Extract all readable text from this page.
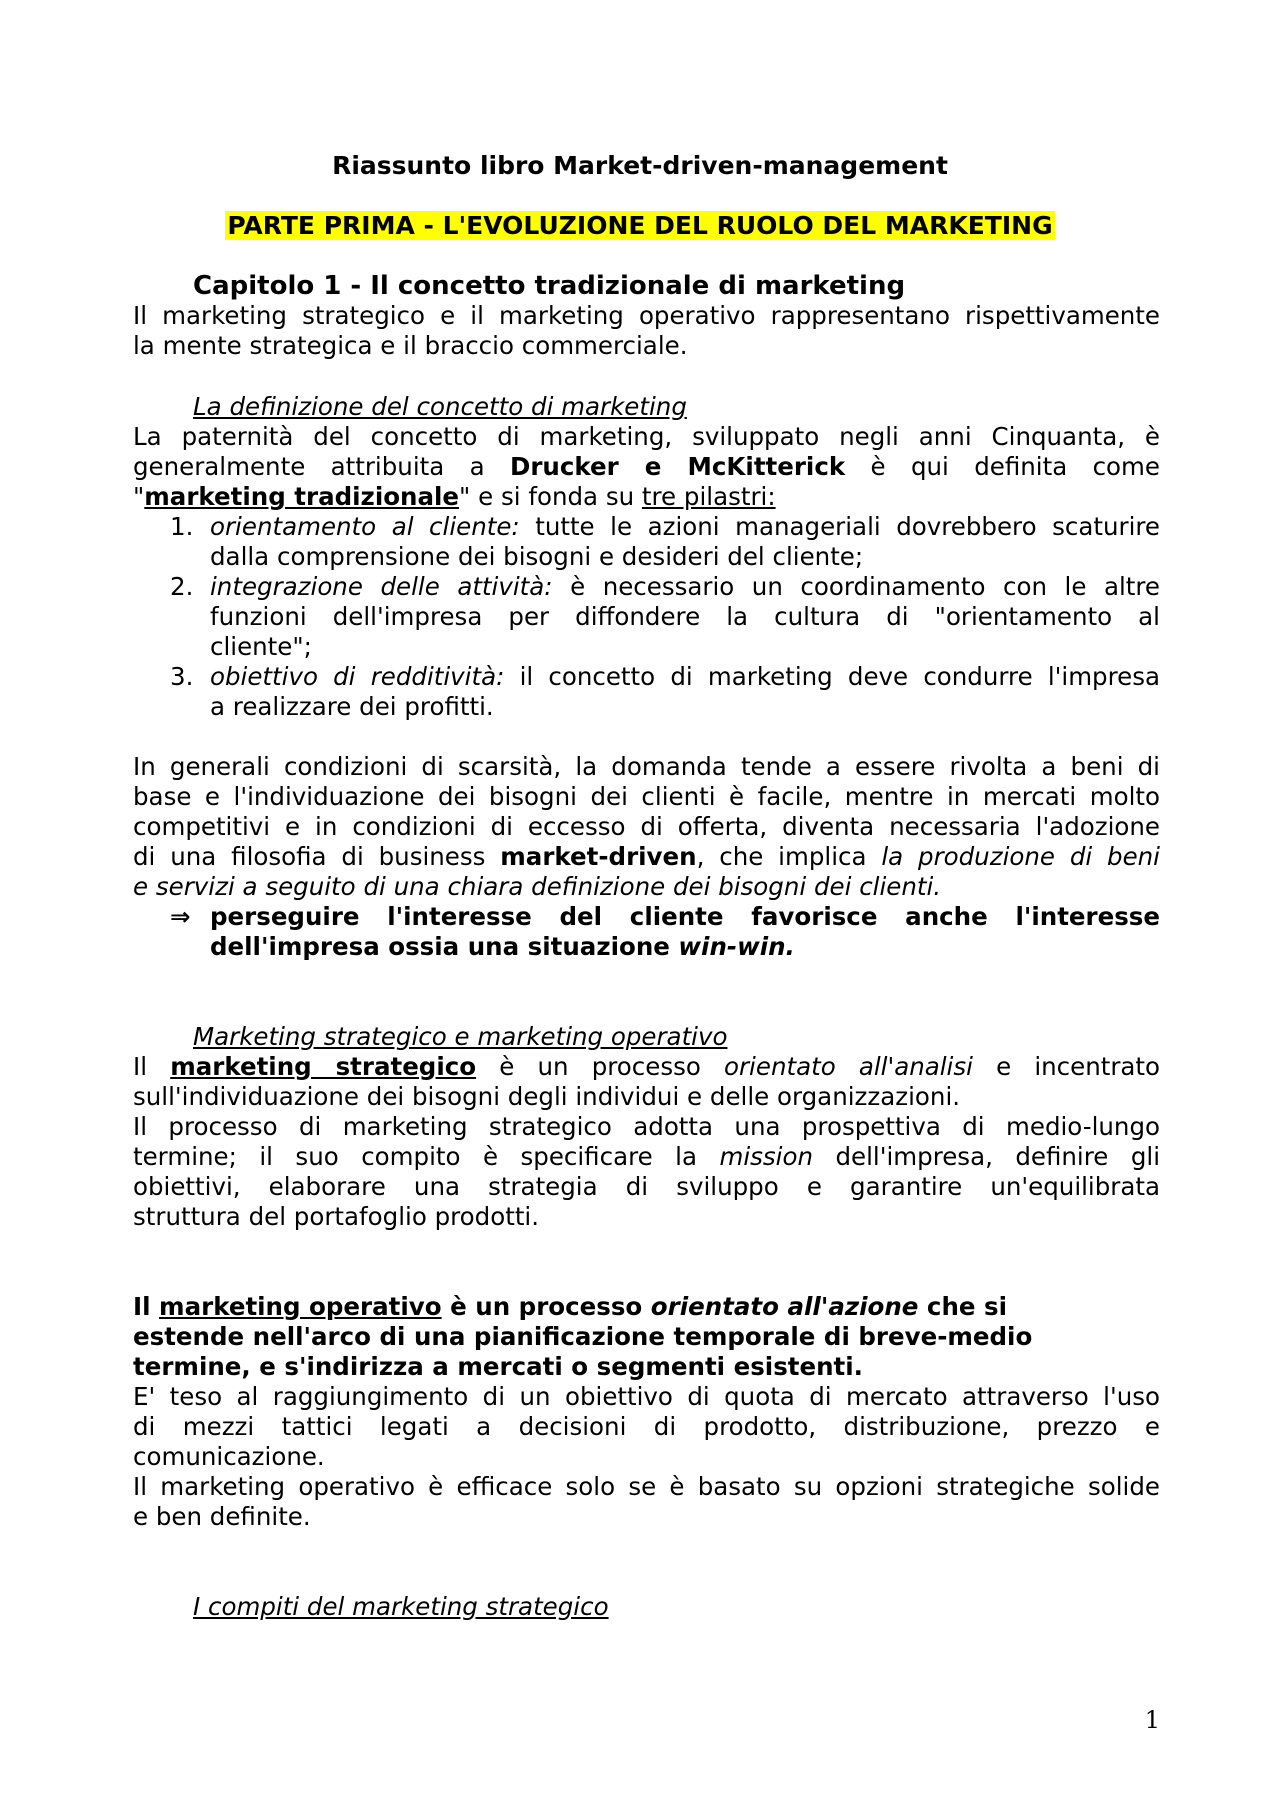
Riassunto libro Market-driven-management
PARTE PRIMA - L'EVOLUZIONE DEL RUOLO DEL MARKETING
Capitolo 1 - Il concetto tradizionale di marketing
Il marketing strategico e il marketing operativo rappresentano rispettivamente
la mente strategica e il braccio commerciale.
La definizione del concetto di marketing
La paternità del concetto di marketing, sviluppato negli anni Cinquanta, è
generalmente attribuita a Drucker e McKitterick è qui definita come
"marketing tradizionale" e si fonda su tre pilastri:
1. orientamento al cliente: tutte le azioni manageriali dovrebbero scaturire
dalla comprensione dei bisogni e desideri del cliente;
2. integrazione delle attività: è necessario un coordinamento con le altre
funzioni dell'impresa per diffondere la cultura di "orientamento al
cliente";
3. obiettivo di redditività: il concetto di marketing deve condurre l'impresa
a realizzare dei profitti.
In generali condizioni di scarsità, la domanda tende a essere rivolta a beni di
base e l'individuazione dei bisogni dei clienti è facile, mentre in mercati molto
competitivi e in condizioni di eccesso di offerta, diventa necessaria l'adozione
di una filosofia di business market-driven, che implica la produzione di beni
e servizi a seguito di una chiara definizione dei bisogni dei clienti.
⇒ perseguire l'interesse del cliente favorisce anche l'interesse
dell'impresa ossia una situazione win-win.
Marketing strategico e marketing operativo
Il marketing strategico è un processo orientato all'analisi e incentrato
sull'individuazione dei bisogni degli individui e delle organizzazioni.
Il processo di marketing strategico adotta una prospettiva di medio-lungo
termine; il suo compito è specificare la mission dell'impresa, definire gli
obiettivi, elaborare una strategia di sviluppo e garantire un'equilibrata
struttura del portafoglio prodotti.
Il marketing operativo è un processo orientato all'azione che si
estende nell'arco di una pianificazione temporale di breve-medio
termine, e s'indirizza a mercati o segmenti esistenti.
E' teso al raggiungimento di un obiettivo di quota di mercato attraverso l'uso
di mezzi tattici legati a decisioni di prodotto, distribuzione, prezzo e
comunicazione.
Il marketing operativo è efficace solo se è basato su opzioni strategiche solide
e ben definite.
I compiti del marketing strategico
1
